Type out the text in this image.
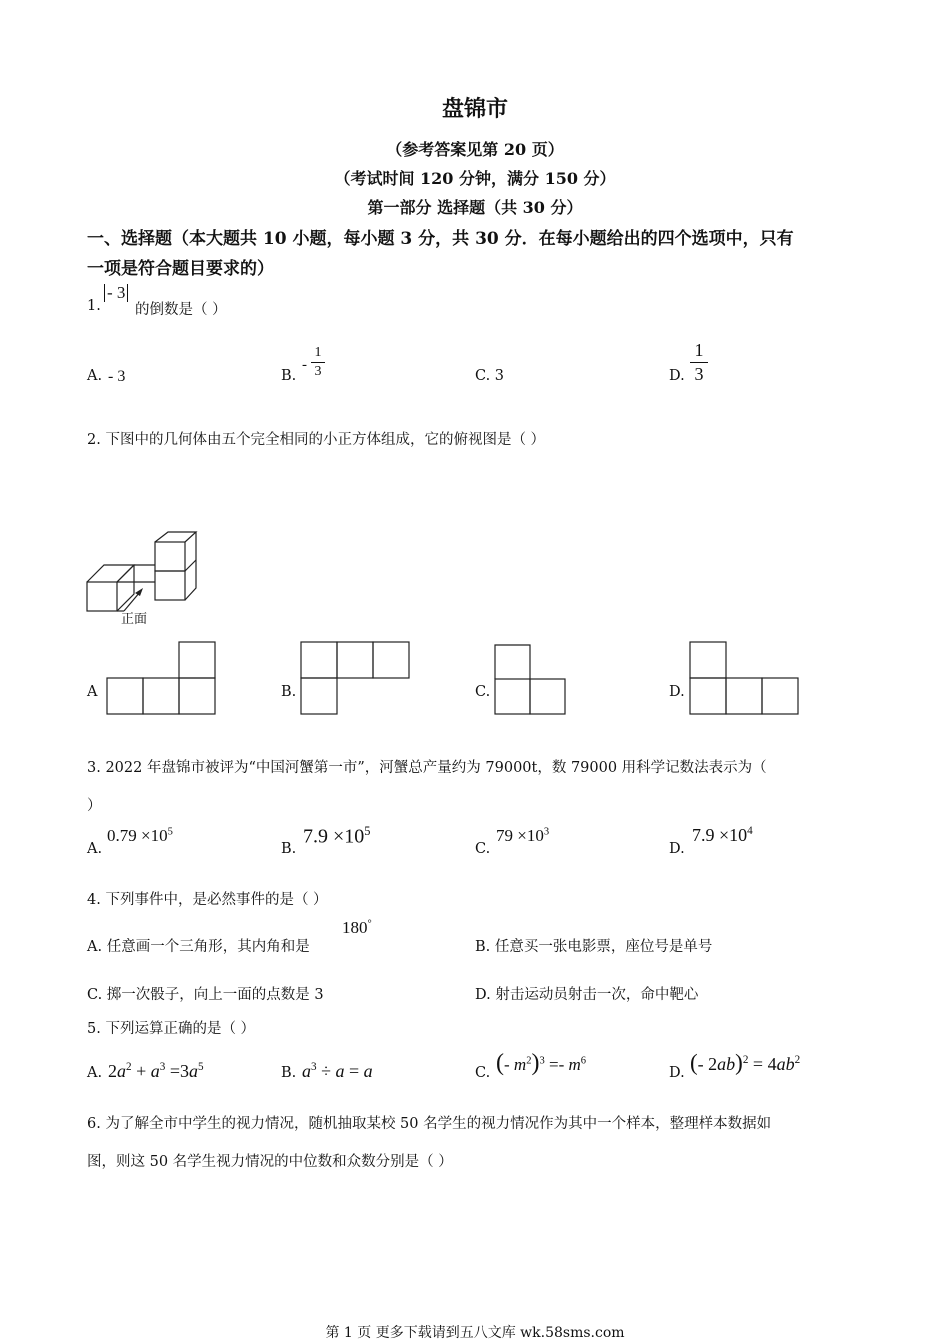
盘锦市
（参考答案见第 20 页）
（考试时间 120 分钟，满分 150 分）
第一部分 选择题（共 30 分）
一、选择题（本大题共 10 小题，每小题 3 分，共 30 分．在每小题给出的四个选项中，只有
一项是符合题目要求的）
1.
- 3
的倒数是（ ）
A. - 3	B.
-
1
3	C. 3	D.
1
3
2. 下图中的几何体由五个完全相同的小正方体组成，它的俯视图是（ ）
正面
A	B.	C.	D.
3. 2022 年盘锦市被评为“中国河蟹第一市”，河蟹总产量约为 79000t，数 79000 用科学记数法表示为（
）
A.
$0.79 \times 10^5$
B.
$7.9 \times 10^5$
C.
$79 \times 10^3$
D.
$7.9 \times 10^4$
4. 下列事件中，是必然事件的是（ ）
A. 任意画一个三角形，其内角和是
180°
B. 任意买一张电影票，座位号是单号
C. 掷一次骰子，向上一面的点数是 3	D. 射击运动员射击一次，命中靶心
5. 下列运算正确的是（ ）
A. $2a^2 + a^3 =3a^5$	B. $a^3 \div a = a$	C. (- $m^2)^3 =- m^6$
D. (- $2ab)^2 = 4ab^2$
6. 为了解全市中学生的视力情况，随机抽取某校 50 名学生的视力情况作为其中一个样本，整理样本数据如
图，则这 50 名学生视力情况的中位数和众数分别是（ ）
第 1 页 更多下载请到五八文库 wk.58sms.com
